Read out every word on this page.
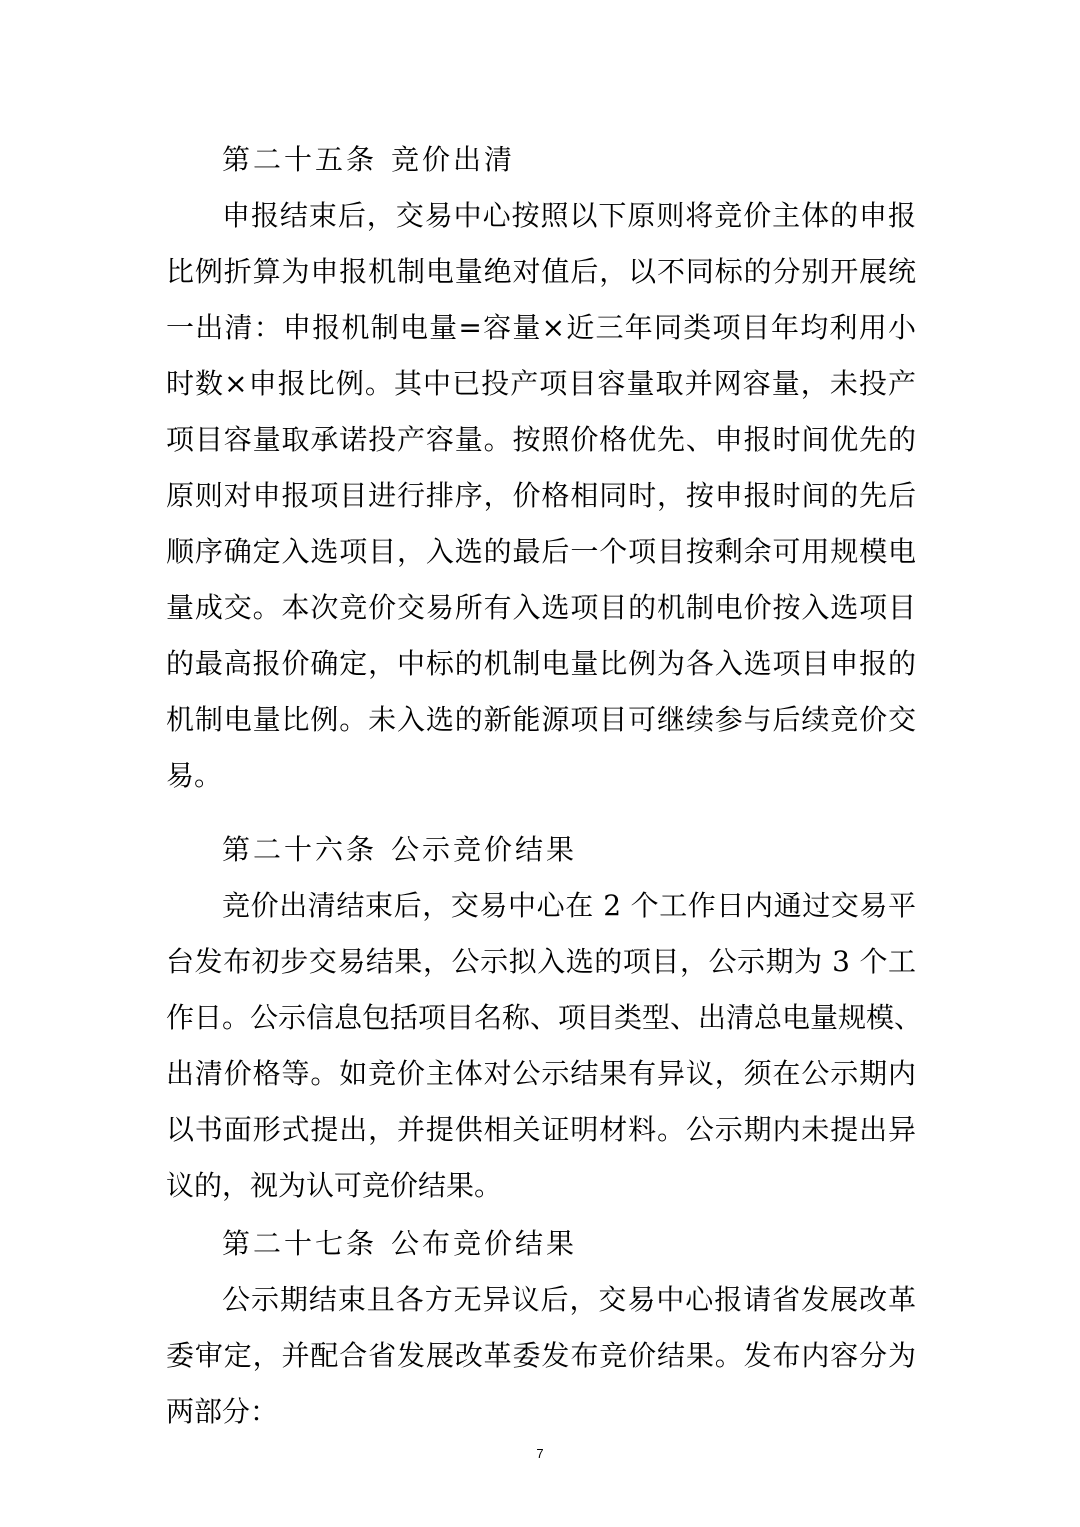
第二十五条 竞价出清
申报结束后，交易中心按照以下原则将竞价主体的申报
比例折算为申报机制电量绝对值后，以不同标的分别开展统
一出清：申报机制电量=容量×近三年同类项目年均利用小
时数×申报比例。其中已投产项目容量取并网容量，未投产
项目容量取承诺投产容量。按照价格优先、申报时间优先的
原则对申报项目进行排序，价格相同时，按申报时间的先后
顺序确定入选项目，入选的最后一个项目按剩余可用规模电
量成交。本次竞价交易所有入选项目的机制电价按入选项目
的最高报价确定，中标的机制电量比例为各入选项目申报的
机制电量比例。未入选的新能源项目可继续参与后续竞价交
易。
第二十六条 公示竞价结果
竞价出清结束后，交易中心在 2 个工作日内通过交易平
台发布初步交易结果，公示拟入选的项目，公示期为 3 个工
作日。公示信息包括项目名称、项目类型、出清总电量规模、
出清价格等。如竞价主体对公示结果有异议，须在公示期内
以书面形式提出，并提供相关证明材料。公示期内未提出异
议的，视为认可竞价结果。
第二十七条 公布竞价结果
公示期结束且各方无异议后，交易中心报请省发展改革
委审定，并配合省发展改革委发布竞价结果。发布内容分为
两部分：
7
